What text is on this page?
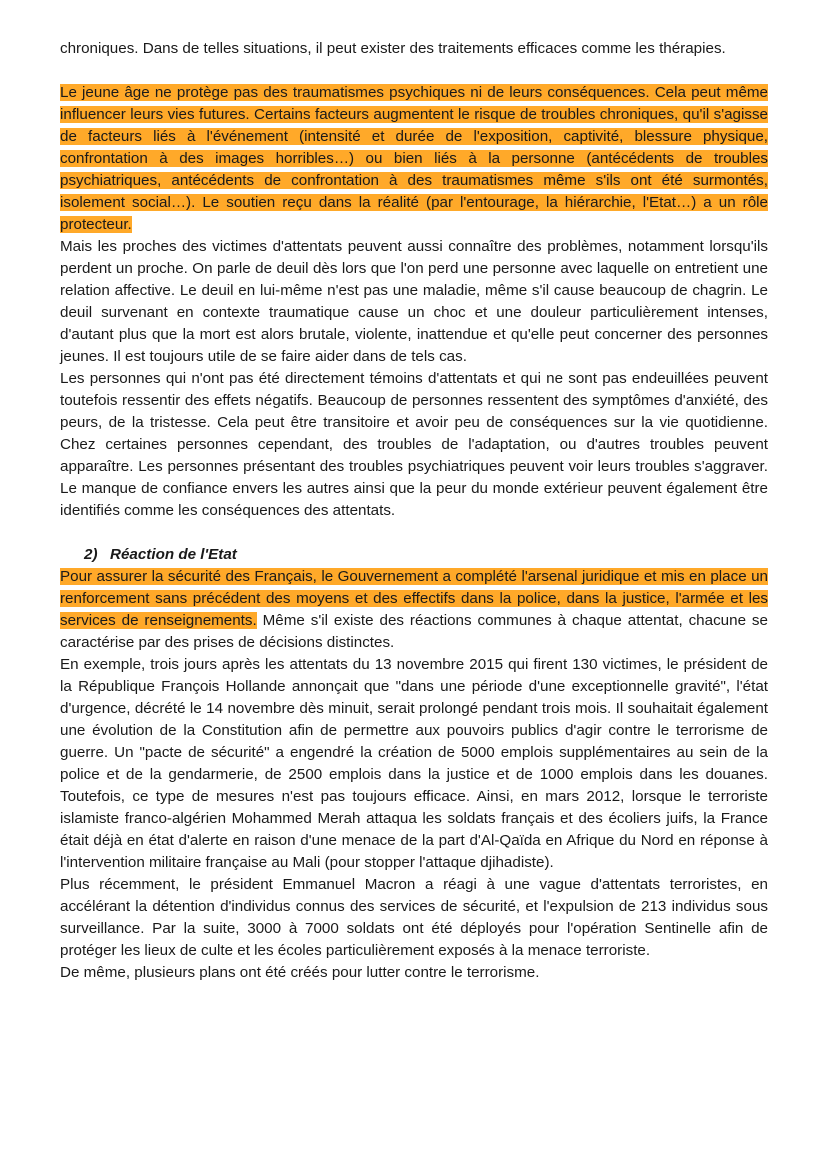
chroniques. Dans de telles situations, il peut exister des traitements efficaces comme les thérapies.

Le jeune âge ne protège pas des traumatismes psychiques ni de leurs conséquences. Cela peut même influencer leurs vies futures. Certains facteurs augmentent le risque de troubles chroniques, qu'il s'agisse de facteurs liés à l'événement (intensité et durée de l'exposition, captivité, blessure physique, confrontation à des images horribles…) ou bien liés à la personne (antécédents de troubles psychiatriques, antécédents de confrontation à des traumatismes même s'ils ont été surmontés, isolement social…). Le soutien reçu dans la réalité (par l'entourage, la hiérarchie, l'Etat…) a un rôle protecteur.

Mais les proches des victimes d'attentats peuvent aussi connaître des problèmes, notamment lorsqu'ils perdent un proche. On parle de deuil dès lors que l'on perd une personne avec laquelle on entretient une relation affective. Le deuil en lui-même n'est pas une maladie, même s'il cause beaucoup de chagrin. Le deuil survenant en contexte traumatique cause un choc et une douleur particulièrement intenses, d'autant plus que la mort est alors brutale, violente, inattendue et qu'elle peut concerner des personnes jeunes. Il est toujours utile de se faire aider dans de tels cas.

Les personnes qui n'ont pas été directement témoins d'attentats et qui ne sont pas endeuillées peuvent toutefois ressentir des effets négatifs. Beaucoup de personnes ressentent des symptômes d'anxiété, des peurs, de la tristesse. Cela peut être transitoire et avoir peu de conséquences sur la vie quotidienne. Chez certaines personnes cependant, des troubles de l'adaptation, ou d'autres troubles peuvent apparaître. Les personnes présentant des troubles psychiatriques peuvent voir leurs troubles s'aggraver. Le manque de confiance envers les autres ainsi que la peur du monde extérieur peuvent également être identifiés comme les conséquences des attentats.

2) Réaction de l'Etat

Pour assurer la sécurité des Français, le Gouvernement a complété l'arsenal juridique et mis en place un renforcement sans précédent des moyens et des effectifs dans la police, dans la justice, l'armée et les services de renseignements. Même s'il existe des réactions communes à chaque attentat, chacune se caractérise par des prises de décisions distinctes.

En exemple, trois jours après les attentats du 13 novembre 2015 qui firent 130 victimes, le président de la République François Hollande annonçait que "dans une période d'une exceptionnelle gravité", l'état d'urgence, décrété le 14 novembre dès minuit, serait prolongé pendant trois mois. Il souhaitait également une évolution de la Constitution afin de permettre aux pouvoirs publics d'agir contre le terrorisme de guerre. Un "pacte de sécurité" a engendré la création de 5000 emplois supplémentaires au sein de la police et de la gendarmerie, de 2500 emplois dans la justice et de 1000 emplois dans les douanes. Toutefois, ce type de mesures n'est pas toujours efficace. Ainsi, en mars 2012, lorsque le terroriste islamiste franco-algérien Mohammed Merah attaqua les soldats français et des écoliers juifs, la France était déjà en état d'alerte en raison d'une menace de la part d'Al-Qaïda en Afrique du Nord en réponse à l'intervention militaire française au Mali (pour stopper l'attaque djihadiste).

Plus récemment, le président Emmanuel Macron a réagi à une vague d'attentats terroristes, en accélérant la détention d'individus connus des services de sécurité, et l'expulsion de 213 individus sous surveillance. Par la suite, 3000 à 7000 soldats ont été déployés pour l'opération Sentinelle afin de protéger les lieux de culte et les écoles particulièrement exposés à la menace terroriste.

De même, plusieurs plans ont été créés pour lutter contre le terrorisme.
